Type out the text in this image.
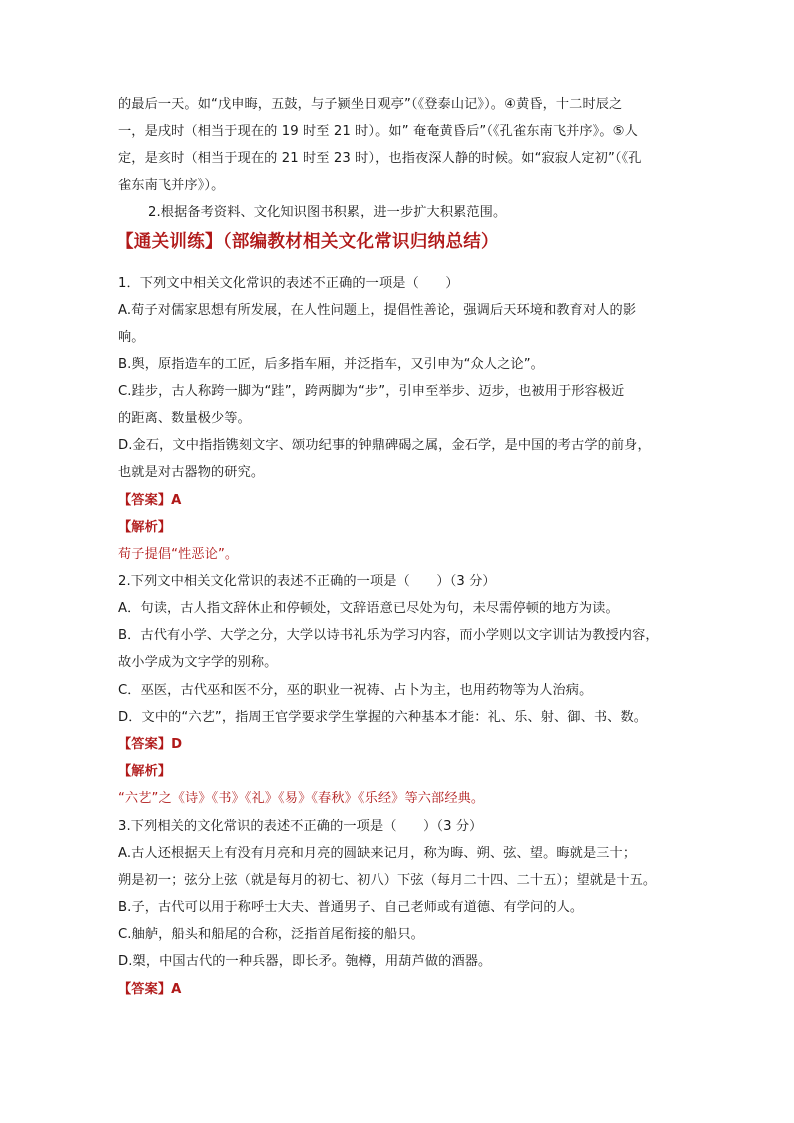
的最后一天。如“戊申晦，五鼓，与子颍坐日观亭”（《登泰山记》）。④黄昏，十二时辰之
一，是戌时（相当于现在的 19 时至 21 时）。如” 奄奄黄昏后”（《孔雀东南飞并序》。⑤人
定，是亥时（相当于现在的 21 时至 23 时），也指夜深人静的时候。如“寂寂人定初”（《孔
雀东南飞并序》）。
2.根据备考资料、文化知识图书积累，进一步扩大积累范围。
【通关训练】（部编教材相关文化常识归纳总结）
1．下列文中相关文化常识的表述不正确的一项是（　　）
A.荀子对儒家思想有所发展，在人性问题上，提倡性善论，强调后天环境和教育对人的影
响。
B.舆，原指造车的工匠，后多指车厢，并泛指车，又引申为“众人之论”。
C.跬步，古人称跨一脚为“跬”，跨两脚为“步”，引申至举步、迈步，也被用于形容极近
的距离、数量极少等。
D.金石，文中指指镌刻文字、颂功纪事的钟鼎碑碣之属，金石学，是中国的考古学的前身，
也就是对古器物的研究。
【答案】A
【解析】
荀子提倡“性恶论”。
2.下列文中相关文化常识的表述不正确的一项是（　　）（3 分）
A．句读，古人指文辞休止和停顿处，文辞语意已尽处为句，未尽需停顿的地方为读。
B．古代有小学、大学之分，大学以诗书礼乐为学习内容，而小学则以文字训诂为教授内容，
故小学成为文字学的别称。
C．巫医，古代巫和医不分，巫的职业一祝祷、占卜为主，也用药物等为人治病。
D．文中的“六艺”，指周王官学要求学生掌握的六种基本才能：礼、乐、射、御、书、数。
【答案】D
【解析】
“六艺”之《诗》《书》《礼》《易》《春秋》《乐经》等六部经典。
3.下列相关的文化常识的表述不正确的一项是（　　）（3 分）
A.古人还根据天上有没有月亮和月亮的圆缺来记月，称为晦、朔、弦、望。晦就是三十；
朔是初一；弦分上弦（就是每月的初七、初八）下弦（每月二十四、二十五）；望就是十五。
B.子，古代可以用于称呼士大夫、普通男子、自己老师或有道德、有学问的人。
C.舳舻，船头和船尾的合称，泛指首尾衔接的船只。
D.槊，中国古代的一种兵器，即长矛。匏樽，用葫芦做的酒器。
【答案】A
